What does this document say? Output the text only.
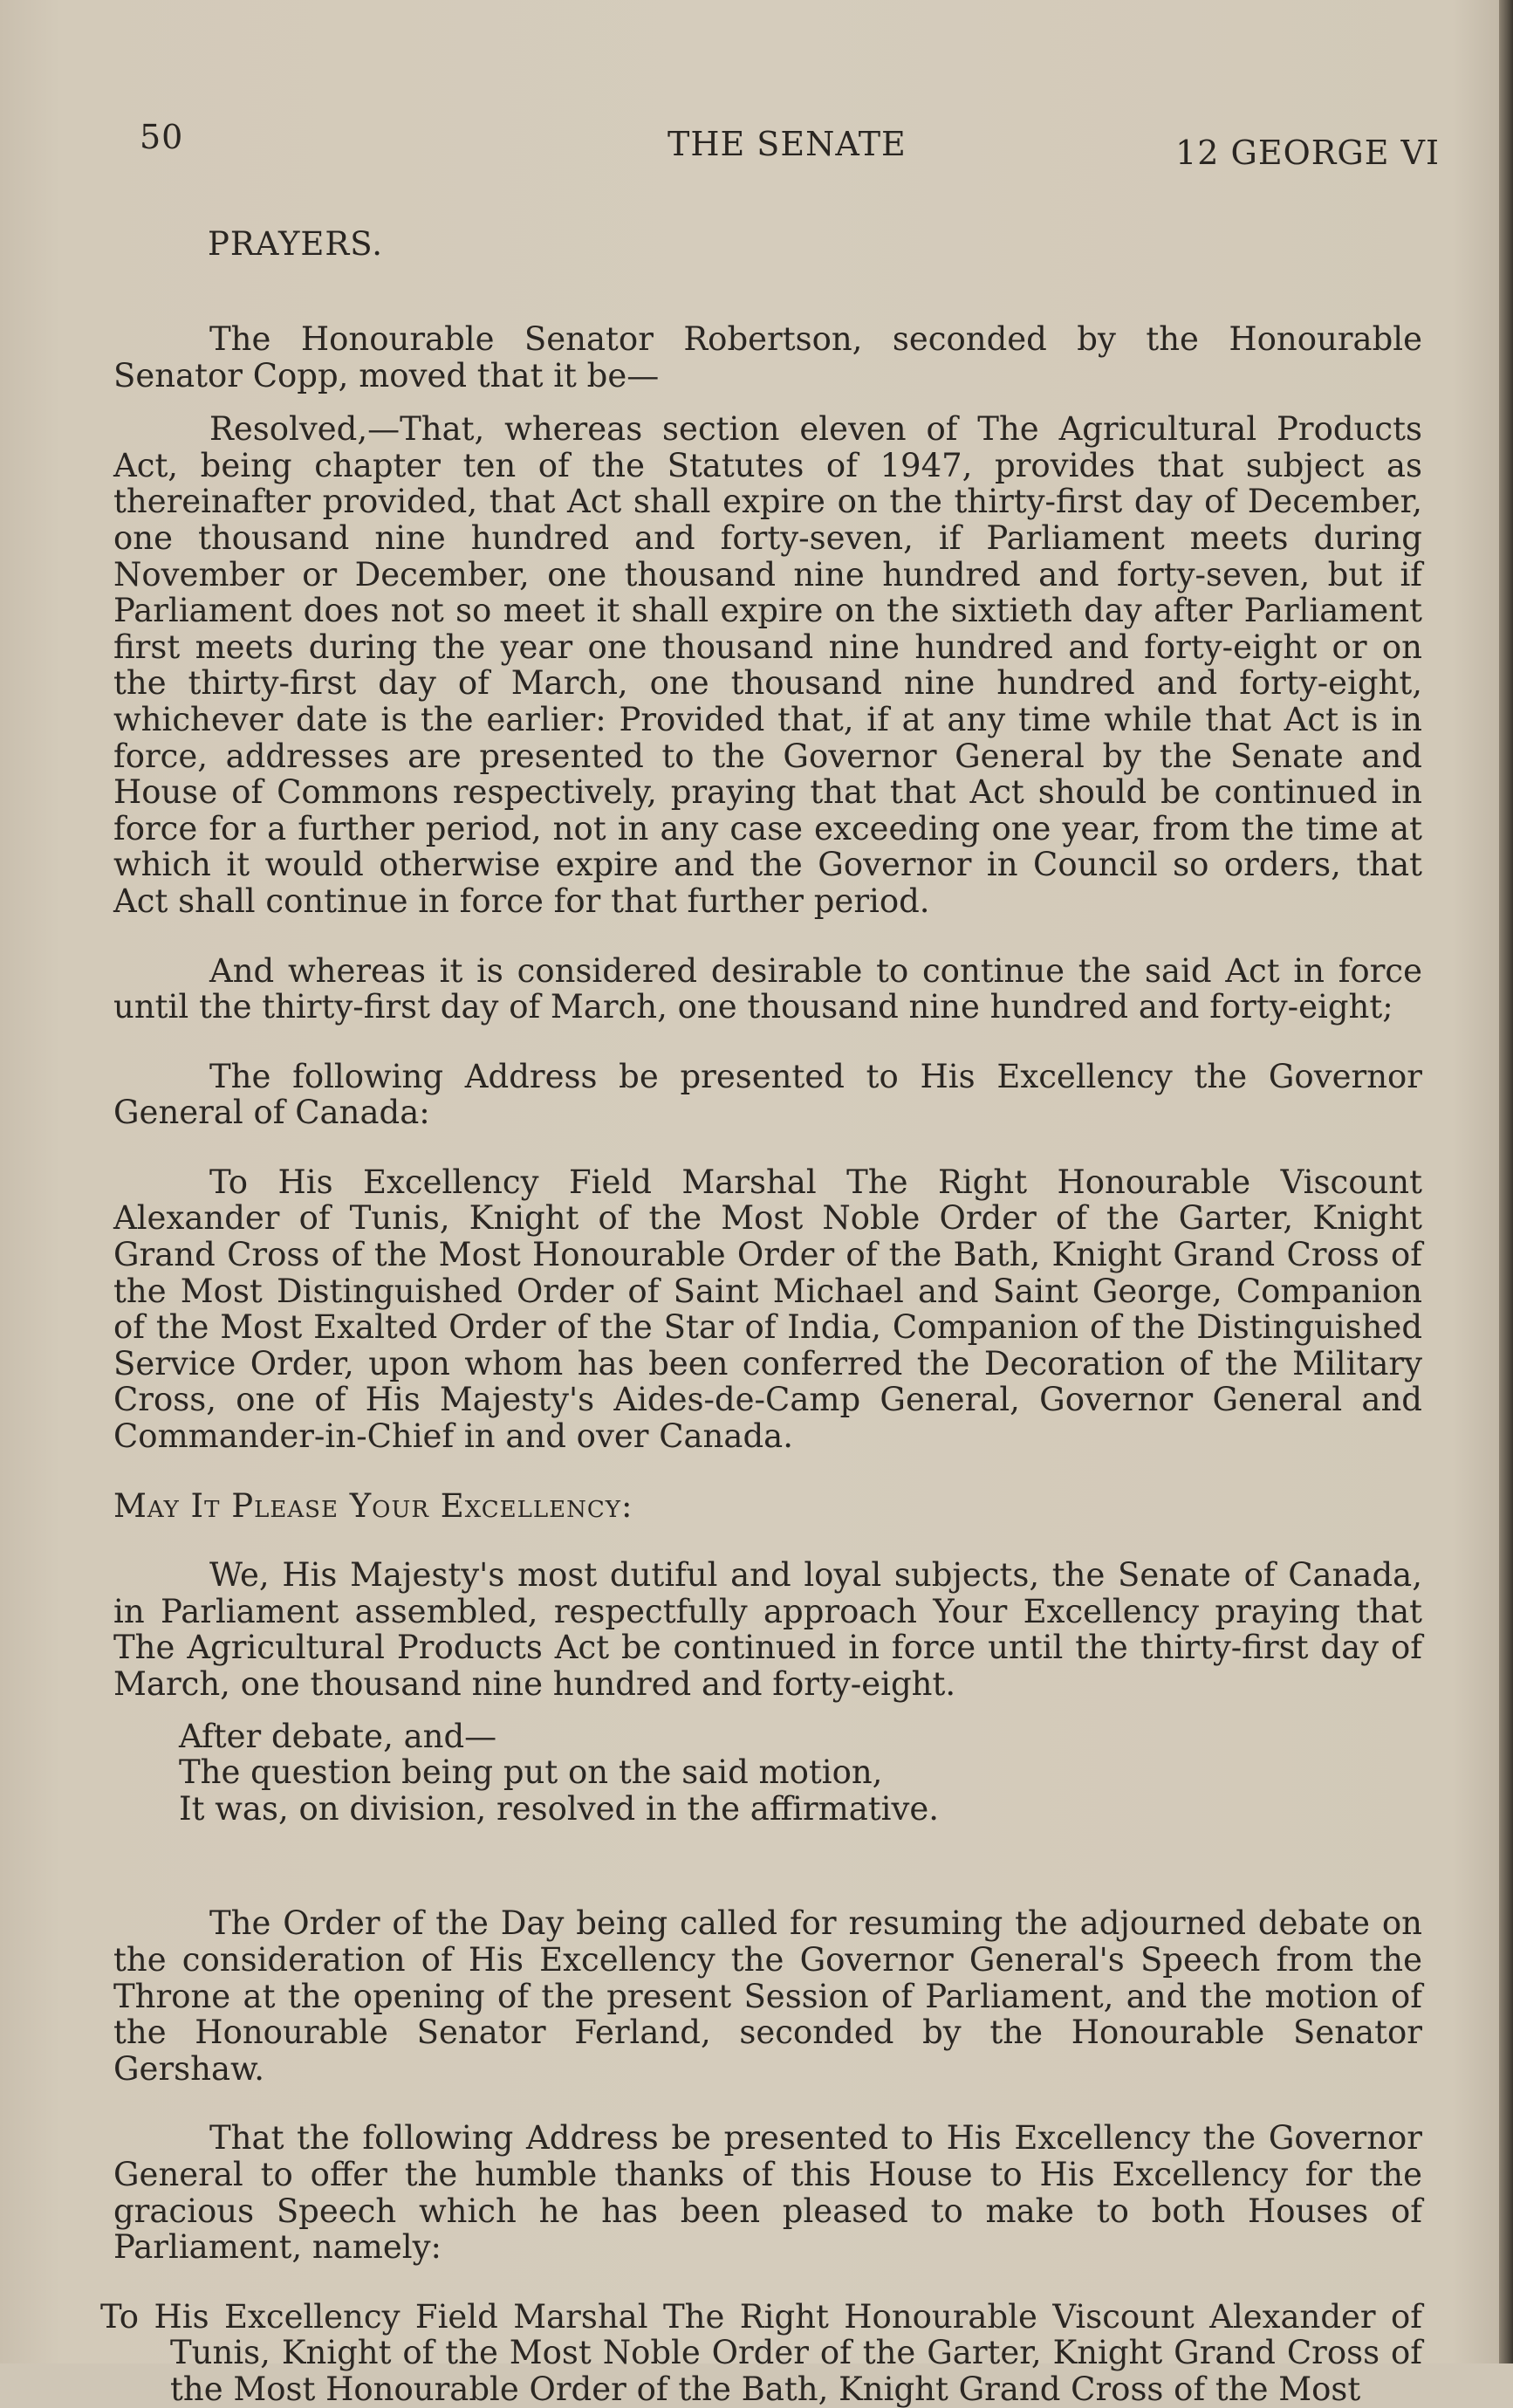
50	THE SENATE	12 GEORGE VI
PRAYERS.

The Honourable Senator Robertson, seconded by the Honourable Senator Copp, moved that it be—

Resolved,—That, whereas section eleven of The Agricultural Products Act, being chapter ten of the Statutes of 1947, provides that subject as thereinafter provided, that Act shall expire on the thirty-first day of December, one thousand nine hundred and forty-seven, if Parliament meets during November or December, one thousand nine hundred and forty-seven, but if Parliament does not so meet it shall expire on the sixtieth day after Parliament first meets during the year one thousand nine hundred and forty-eight or on the thirty-first day of March, one thousand nine hundred and forty-eight, whichever date is the earlier: Provided that, if at any time while that Act is in force, addresses are presented to the Governor General by the Senate and House of Commons respectively, praying that that Act should be continued in force for a further period, not in any case exceeding one year, from the time at which it would otherwise expire and the Governor in Council so orders, that Act shall continue in force for that further period.

And whereas it is considered desirable to continue the said Act in force until the thirty-first day of March, one thousand nine hundred and forty-eight;

The following Address be presented to His Excellency the Governor General of Canada:

To His Excellency Field Marshal The Right Honourable Viscount Alexander of Tunis, Knight of the Most Noble Order of the Garter, Knight Grand Cross of the Most Honourable Order of the Bath, Knight Grand Cross of the Most Distinguished Order of Saint Michael and Saint George, Companion of the Most Exalted Order of the Star of India, Companion of the Distinguished Service Order, upon whom has been conferred the Decoration of the Military Cross, one of His Majesty's Aides-de-Camp General, Governor General and Commander-in-Chief in and over Canada.

May It Please Your Excellency:

We, His Majesty's most dutiful and loyal subjects, the Senate of Canada, in Parliament assembled, respectfully approach Your Excellency praying that The Agricultural Products Act be continued in force until the thirty-first day of March, one thousand nine hundred and forty-eight.

After debate, and—

The question being put on the said motion,

It was, on division, resolved in the affirmative.

The Order of the Day being called for resuming the adjourned debate on the consideration of His Excellency the Governor General's Speech from the Throne at the opening of the present Session of Parliament, and the motion of the Honourable Senator Ferland, seconded by the Honourable Senator Gershaw.

That the following Address be presented to His Excellency the Governor General to offer the humble thanks of this House to His Excellency for the gracious Speech which he has been pleased to make to both Houses of Parliament, namely:

To His Excellency Field Marshal The Right Honourable Viscount Alexander of Tunis, Knight of the Most Noble Order of the Garter, Knight Grand Cross of the Most Honourable Order of the Bath, Knight Grand Cross of the Most
